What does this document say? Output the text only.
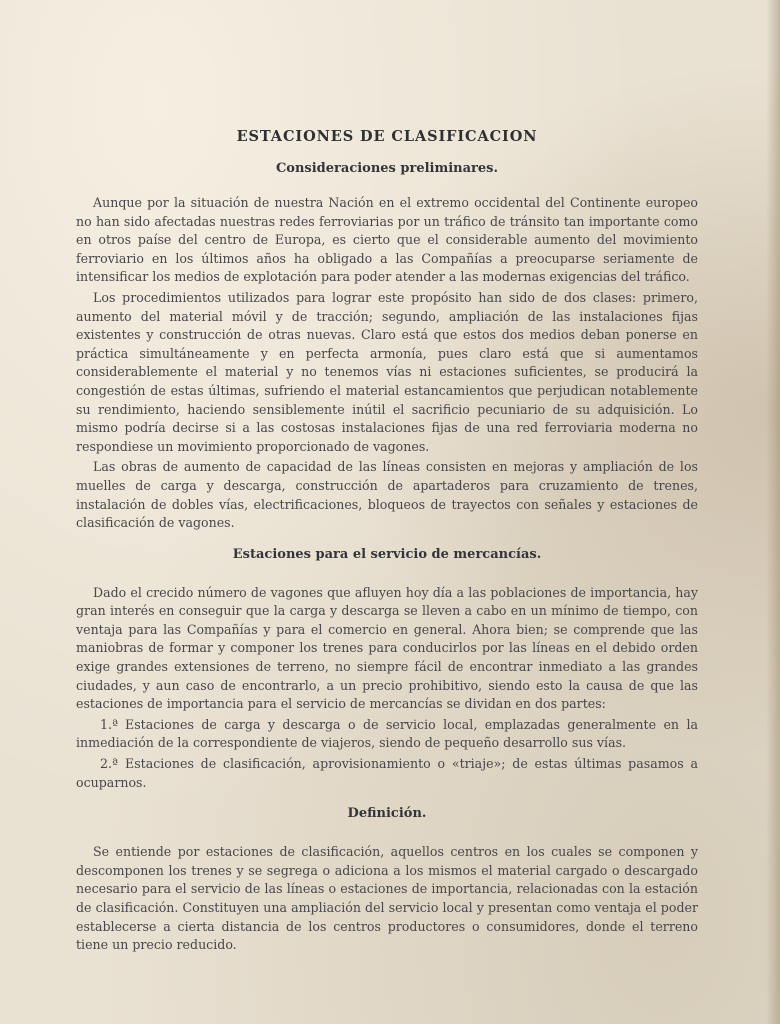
ESTACIONES DE CLASIFICACION
Consideraciones preliminares.

Aunque por la situación de nuestra Nación en el extremo occidental del Continente europeo no han sido afectadas nuestras redes ferroviarias por un tráfico de tránsito tan importante como en otros paíse del centro de Europa, es cierto que el considerable aumento del movimiento ferroviario en los últimos años ha obligado a las Compañías a preocuparse seriamente de intensificar los medios de explotación para poder atender a las modernas exigencias del tráfico.

Los procedimientos utilizados para lograr este propósito han sido de dos clases: primero, aumento del material móvil y de tracción; segundo, ampliación de las instalaciones fijas existentes y construcción de otras nuevas. Claro está que estos dos medios deban ponerse en práctica simultáneamente y en perfecta armonía, pues claro está que si aumentamos considerablemente el material y no tenemos vías ni estaciones suficientes, se producirá la congestión de estas últimas, sufriendo el material estancamientos que perjudican notablemente su rendimiento, haciendo sensiblemente inútil el sacrificio pecuniario de su adquisición. Lo mismo podría decirse si a las costosas instalaciones fijas de una red ferroviaria moderna no respondiese un movimiento proporcionado de vagones.

Las obras de aumento de capacidad de las líneas consisten en mejoras y ampliación de los muelles de carga y descarga, construcción de apartaderos para cruzamiento de trenes, instalación de dobles vías, electrificaciones, bloqueos de trayectos con señales y estaciones de clasificación de vagones.

Estaciones para el servicio de mercancías.

Dado el crecido número de vagones que afluyen hoy día a las poblaciones de importancia, hay gran interés en conseguir que la carga y descarga se lleven a cabo en un mínimo de tiempo, con ventaja para las Compañías y para el comercio en general. Ahora bien; se comprende que las maniobras de formar y componer los trenes para conducirlos por las líneas en el debido orden exige grandes extensiones de terreno, no siempre fácil de encontrar inmediato a las grandes ciudades, y aun caso de encontrarlo, a un precio prohibitivo, siendo esto la causa de que las estaciones de importancia para el servicio de mercancías se dividan en dos partes:

1.ª Estaciones de carga y descarga o de servicio local, emplazadas generalmente en la inmediación de la correspondiente de viajeros, siendo de pequeño desarrollo sus vías.

2.ª Estaciones de clasificación, aprovisionamiento o «triaje»; de estas últimas pasamos a ocuparnos.

Definición.

Se entiende por estaciones de clasificación, aquellos centros en los cuales se componen y descomponen los trenes y se segrega o adiciona a los mismos el material cargado o descargado necesario para el servicio de las líneas o estaciones de importancia, relacionadas con la estación de clasificación. Constituyen una ampliación del servicio local y presentan como ventaja el poder establecerse a cierta distancia de los centros productores o consumidores, donde el terreno tiene un precio reducido.
